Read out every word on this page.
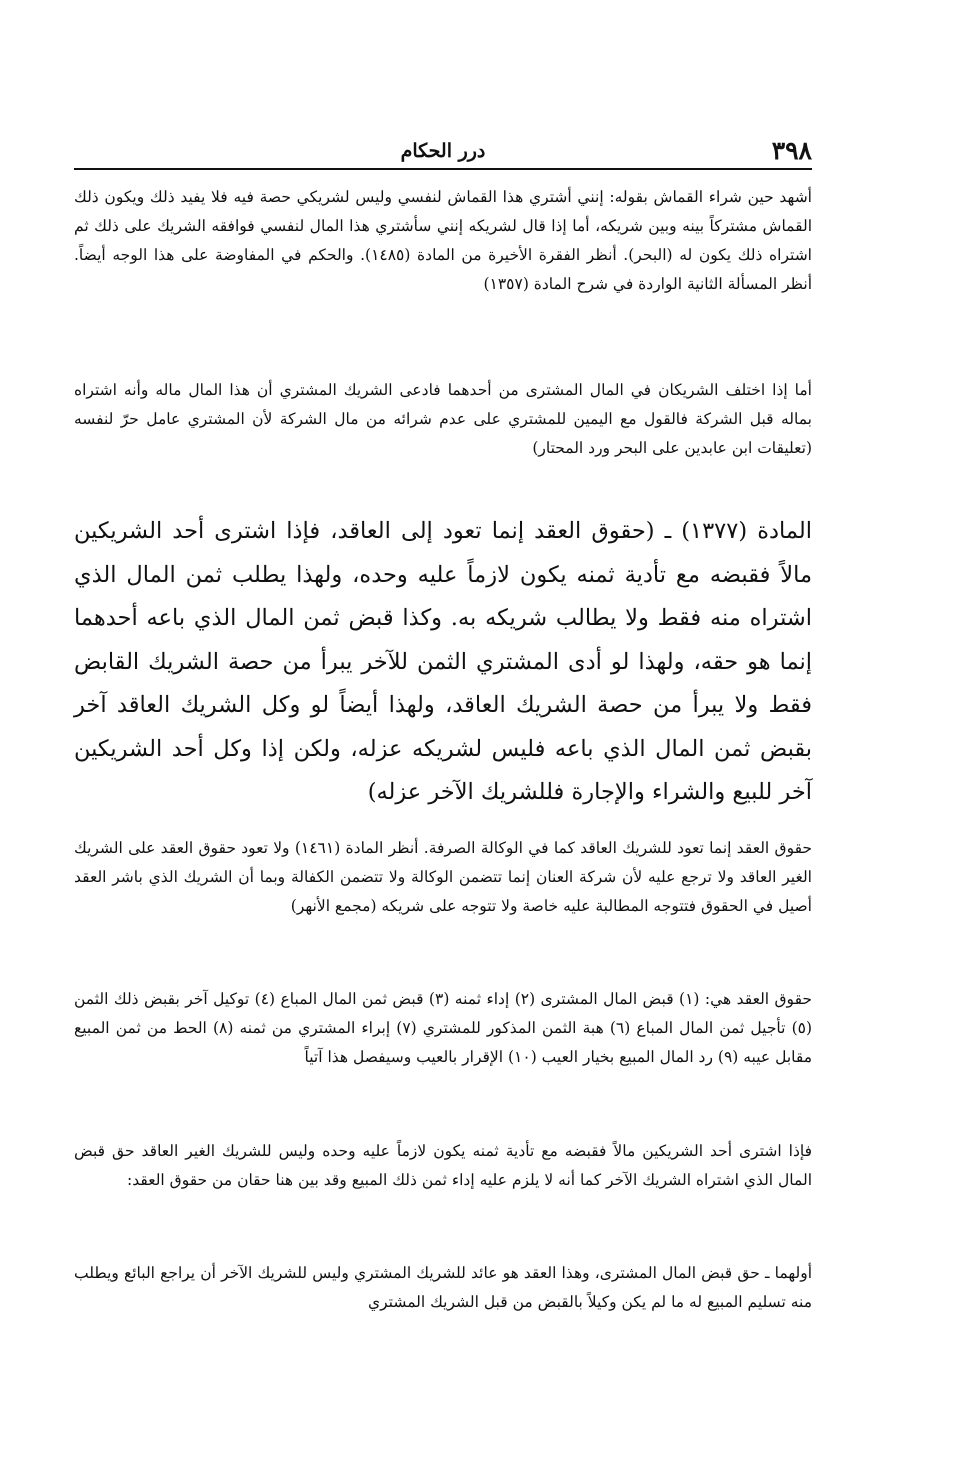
٣٩٨
درر الحكام

أشهد حين شراء القماش بقوله: إنني أشتري هذا القماش لنفسي وليس لشريكي حصة فيه فلا يفيد ذلك ويكون ذلك القماش مشتركاً بينه وبين شريكه، أما إذا قال لشريكه إنني سأشتري هذا المال لنفسي فوافقه الشريك على ذلك ثم اشتراه ذلك يكون له (البحر). أنظر الفقرة الأخيرة من المادة (١٤٨٥). والحكم في المفاوضة على هذا الوجه أيضاً. أنظر المسألة الثانية الواردة في شرح المادة (١٣٥٧)

أما إذا اختلف الشريكان في المال المشترى من أحدهما فادعى الشريك المشتري أن هذا المال ماله وأنه اشتراه بماله قبل الشركة فالقول مع اليمين للمشتري على عدم شرائه من مال الشركة لأن المشتري عامل حرّ لنفسه (تعليقات ابن عابدين على البحر ورد المحتار)

المادة (١٣٧٧) ـ (حقوق العقد إنما تعود إلى العاقد، فإذا اشترى أحد الشريكين مالاً فقبضه مع تأدية ثمنه يكون لازماً عليه وحده، ولهذا يطلب ثمن المال الذي اشتراه منه فقط ولا يطالب شريكه به. وكذا قبض ثمن المال الذي باعه أحدهما إنما هو حقه، ولهذا لو أدى المشتري الثمن للآخر يبرأ من حصة الشريك القابض فقط ولا يبرأ من حصة الشريك العاقد، ولهذا أيضاً لو وكل الشريك العاقد آخر بقبض ثمن المال الذي باعه فليس لشريكه عزله، ولكن إذا وكل أحد الشريكين آخر للبيع والشراء والإجارة فللشريك الآخر عزله)

حقوق العقد إنما تعود للشريك العاقد كما في الوكالة الصرفة. أنظر المادة (١٤٦١) ولا تعود حقوق العقد على الشريك الغير العاقد ولا ترجع عليه لأن شركة العنان إنما تتضمن الوكالة ولا تتضمن الكفالة وبما أن الشريك الذي باشر العقد أصيل في الحقوق فتتوجه المطالبة عليه خاصة ولا تتوجه على شريكه (مجمع الأنهر)

حقوق العقد هي: (١) قبض المال المشترى (٢) إداء ثمنه (٣) قبض ثمن المال المباع (٤) توكيل آخر بقبض ذلك الثمن (٥) تأجيل ثمن المال المباع (٦) هبة الثمن المذكور للمشتري (٧) إبراء المشتري من ثمنه (٨) الحط من ثمن المبيع مقابل عيبه (٩) رد المال المبيع بخيار العيب (١٠) الإقرار بالعيب وسيفصل هذا آتياً

فإذا اشترى أحد الشريكين مالاً فقبضه مع تأدية ثمنه يكون لازماً عليه وحده وليس للشريك الغير العاقد حق قبض المال الذي اشتراه الشريك الآخر كما أنه لا يلزم عليه إداء ثمن ذلك المبيع وقد بين هنا حقان من حقوق العقد:

أولهما ـ حق قبض المال المشترى، وهذا العقد هو عائد للشريك المشتري وليس للشريك الآخر أن يراجع البائع ويطلب منه تسليم المبيع له ما لم يكن وكيلاً بالقبض من قبل الشريك المشتري
